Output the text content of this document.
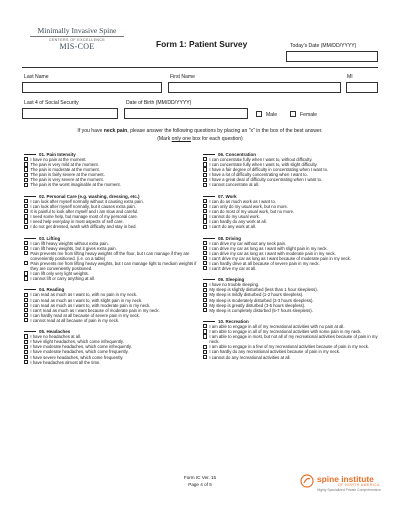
Minimally Invasive Spine
CENTERS OF EXCELLENCE
MIS-COE	Form 1: Patient Survey	Today's Date (MM/DD/YYYY)
Last Name	First Name	MI
Last 4 of Social Security	Date of Birth (MM/DD/YYYY)
Male	Female
If you have neck pain, please answer the following questions by placing an "x" in the box of the best answer.
(Mark only one box for each question)
01. Pain Intensity
I have no pain at the moment.
The pain is very mild at the moment.
The pain is moderate at the moment.
The pain is fairly severe at the moment.
The pain is very severe at the moment.
The pain is the worst imaginable at the moment.
02. Personal Care (e.g. washing, dressing, etc.)
I can look after myself normally without it causing extra pain.
I can look after myself normally, but it causes extra pain.
It is painful to look after myself and I am slow and careful.
I need some help, but manage most of my personal care.
I need help everyday in most aspects of self care.
I do not get dressed, wash with difficulty and stay in bed.
03. Lifting
I can lift heavy weights without extra pain.
I can lift heavy weights, but it gives extra pain.
Pain prevents me from lifting heavy weights off the floor, but I can manage if they are conveniently positioned. (i.e. on a table)
Pain prevents me from lifting heavy weights, but I can manage light to medium weights if they are conveniently positioned.
I can lift only very light weights.
I cannot lift or carry anything at all.
04. Reading
I can read as much as I want to, with no pain in my neck.
I can read as much as I want to, with slight pain in my neck.
I can read as much as I want to, with moderate pain in my neck.
I can't read as much as I want because of moderate pain in my neck.
I can hardly read at all because of severe pain in my neck.
I cannot read at all because of pain in my neck.
05. Headaches
I have no headaches at all.
I have slight headaches, which come infrequently.
I have moderate headaches, which come infrequently.
I have moderate headaches, which come frequently.
I have severe headaches, which come frequently.
I have headaches almost all the time.
06. Concentration
I can concentrate fully when I want to, without difficulty.
I can concentrate fully when I want to, with slight difficulty.
I have a fair degree of difficulty in concentrating when I want to.
I have a lot of difficulty concentrating when I want to.
I have a great deal of difficulty concentrating when I want to.
I cannot concentrate at all.
07. Work
I can do as much work as I want to.
I can only do my usual work, but no more.
I can do most of my usual work, but no more.
I cannot do my usual work.
I can hardly do any work at all.
I can't do any work at all.
08. Driving
I can drive my car without any neck pain.
I can drive my car as long as I want with slight pain in my neck.
I can drive my car as long as I want with moderate pain in my neck.
I can't drive my car as long as I want because of moderate pain in my neck.
I can hardly drive at all because of severe pain in my neck.
I can't drive my car at all.
09. Sleeping
I have no trouble sleeping.
My sleep is slightly disturbed (less than 1 hour sleepless).
My sleep is mildly disturbed (1-2 hours sleepless).
My sleep is moderately disturbed (2-3 hours sleepless).
My sleep is greatly disturbed (3-5 hours sleepless).
My sleep is completely disturbed (5-7 hours sleepless).
10. Recreation
I am able to engage in all of my recreational activities with no pain at all.
I am able to engage in all of my recreational activities with some pain in my neck.
I am able to engage in most, but not all of my recreational activities because of pain in my neck.
I am able to engage in a few of my recreational activities because of pain in my neck.
I can hardly do any recreational activities because of pain in my neck.
I cannot do any recreational activities at all.
Form IC Ver. 15
Page 4 of 5
spine institute
OF NORTH AMERICA
Highly Specialized Private Comprehensive
